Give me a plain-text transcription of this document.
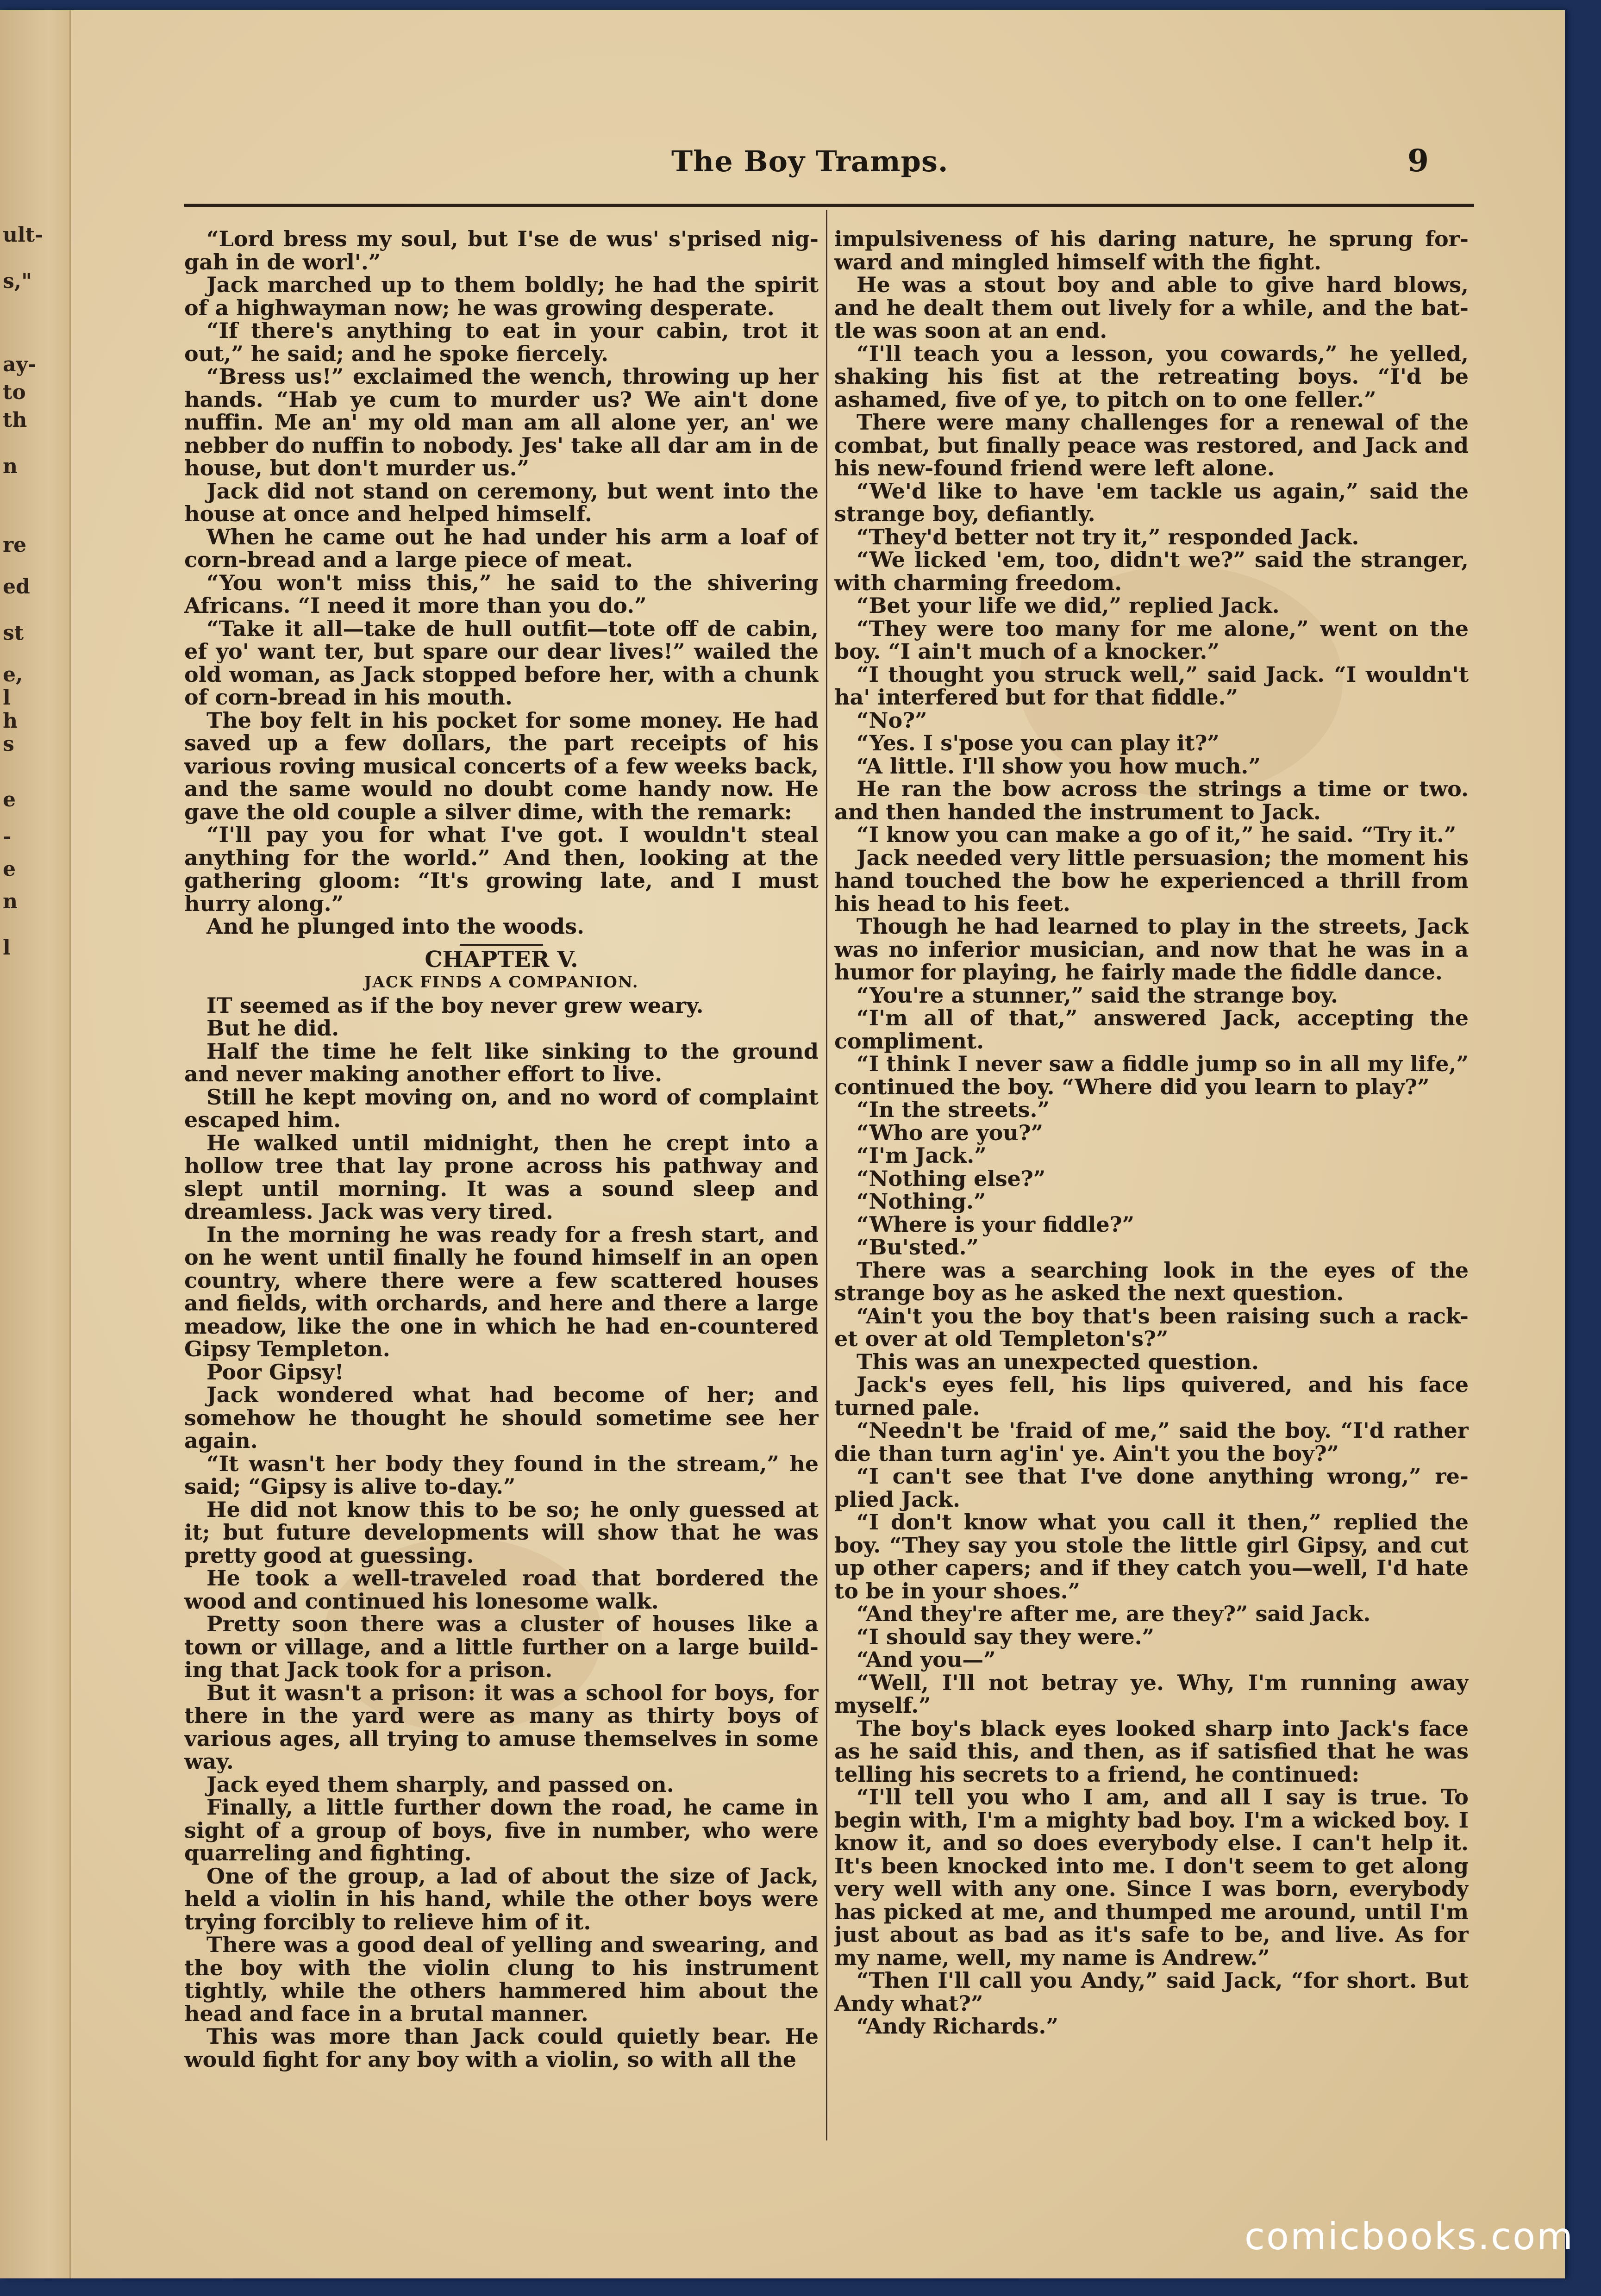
ult-
s,"
ay-
to
th
n
re
ed
st
e,
l
h
s
e
-
e
n
l
The Boy Tramps.	9

“Lord bress my soul, but I'se de wus' s'prised nig-gah in de worl'.”

Jack marched up to them boldly; he had the spirit of a highwayman now; he was growing desperate.

“If there's anything to eat in your cabin, trot it out,” he said; and he spoke fiercely.

“Bress us!” exclaimed the wench, throwing up her hands. “Hab ye cum to murder us? We ain't done nuffin. Me an' my old man am all alone yer, an' we nebber do nuffin to nobody. Jes' take all dar am in de house, but don't murder us.”

Jack did not stand on ceremony, but went into the house at once and helped himself.

When he came out he had under his arm a loaf of corn-bread and a large piece of meat.

“You won't miss this,” he said to the shivering Africans. “I need it more than you do.”

“Take it all—take de hull outfit—tote off de cabin, ef yo' want ter, but spare our dear lives!” wailed the old woman, as Jack stopped before her, with a chunk of corn-bread in his mouth.

The boy felt in his pocket for some money. He had saved up a few dollars, the part receipts of his various roving musical concerts of a few weeks back, and the same would no doubt come handy now. He gave the old couple a silver dime, with the remark:

“I'll pay you for what I've got. I wouldn't steal anything for the world.” And then, looking at the gathering gloom: “It's growing late, and I must hurry along.”

And he plunged into the woods.

CHAPTER V.

JACK FINDS A COMPANION.

IT seemed as if the boy never grew weary.

But he did.

Half the time he felt like sinking to the ground and never making another effort to live.

Still he kept moving on, and no word of complaint escaped him.

He walked until midnight, then he crept into a hollow tree that lay prone across his pathway and slept until morning. It was a sound sleep and dreamless. Jack was very tired.

In the morning he was ready for a fresh start, and on he went until finally he found himself in an open country, where there were a few scattered houses and fields, with orchards, and here and there a large meadow, like the one in which he had en-countered Gipsy Templeton.

Poor Gipsy!

Jack wondered what had become of her; and somehow he thought he should sometime see her again.

“It wasn't her body they found in the stream,” he said; “Gipsy is alive to-day.”

He did not know this to be so; he only guessed at it; but future developments will show that he was pretty good at guessing.

He took a well-traveled road that bordered the wood and continued his lonesome walk.

Pretty soon there was a cluster of houses like a town or village, and a little further on a large build-ing that Jack took for a prison.

But it wasn't a prison: it was a school for boys, for there in the yard were as many as thirty boys of various ages, all trying to amuse themselves in some way.

Jack eyed them sharply, and passed on.

Finally, a little further down the road, he came in sight of a group of boys, five in number, who were quarreling and fighting.

One of the group, a lad of about the size of Jack, held a violin in his hand, while the other boys were trying forcibly to relieve him of it.

There was a good deal of yelling and swearing, and the boy with the violin clung to his instrument tightly, while the others hammered him about the head and face in a brutal manner.

This was more than Jack could quietly bear. He would fight for any boy with a violin, so with all the

impulsiveness of his daring nature, he sprung for-ward and mingled himself with the fight.

He was a stout boy and able to give hard blows, and he dealt them out lively for a while, and the bat-tle was soon at an end.

“I'll teach you a lesson, you cowards,” he yelled, shaking his fist at the retreating boys. “I'd be ashamed, five of ye, to pitch on to one feller.”

There were many challenges for a renewal of the combat, but finally peace was restored, and Jack and his new-found friend were left alone.

“We'd like to have 'em tackle us again,” said the strange boy, defiantly.

“They'd better not try it,” responded Jack.

“We licked 'em, too, didn't we?” said the stranger, with charming freedom.

“Bet your life we did,” replied Jack.

“They were too many for me alone,” went on the boy. “I ain't much of a knocker.”

“I thought you struck well,” said Jack. “I wouldn't ha' interfered but for that fiddle.”

“No?”

“Yes. I s'pose you can play it?”

“A little. I'll show you how much.”

He ran the bow across the strings a time or two. and then handed the instrument to Jack.

“I know you can make a go of it,” he said. “Try it.”

Jack needed very little persuasion; the moment his hand touched the bow he experienced a thrill from his head to his feet.

Though he had learned to play in the streets, Jack was no inferior musician, and now that he was in a humor for playing, he fairly made the fiddle dance.

“You're a stunner,” said the strange boy.

“I'm all of that,” answered Jack, accepting the compliment.

“I think I never saw a fiddle jump so in all my life,” continued the boy. “Where did you learn to play?”

“In the streets.”

“Who are you?”

“I'm Jack.”

“Nothing else?”

“Nothing.”

“Where is your fiddle?”

“Bu'sted.”

There was a searching look in the eyes of the strange boy as he asked the next question.

“Ain't you the boy that's been raising such a rack-et over at old Templeton's?”

This was an unexpected question.

Jack's eyes fell, his lips quivered, and his face turned pale.

“Needn't be 'fraid of me,” said the boy. “I'd rather die than turn ag'in' ye. Ain't you the boy?”

“I can't see that I've done anything wrong,” re-plied Jack.

“I don't know what you call it then,” replied the boy. “They say you stole the little girl Gipsy, and cut up other capers; and if they catch you—well, I'd hate to be in your shoes.”

“And they're after me, are they?” said Jack.

“I should say they were.”

“And you—”

“Well, I'll not betray ye. Why, I'm running away myself.”

The boy's black eyes looked sharp into Jack's face as he said this, and then, as if satisfied that he was telling his secrets to a friend, he continued:

“I'll tell you who I am, and all I say is true. To begin with, I'm a mighty bad boy. I'm a wicked boy. I know it, and so does everybody else. I can't help it. It's been knocked into me. I don't seem to get along very well with any one. Since I was born, everybody has picked at me, and thumped me around, until I'm just about as bad as it's safe to be, and live. As for my name, well, my name is Andrew.”

“Then I'll call you Andy,” said Jack, “for short. But Andy what?”

“Andy Richards.”

comicbooks.com
